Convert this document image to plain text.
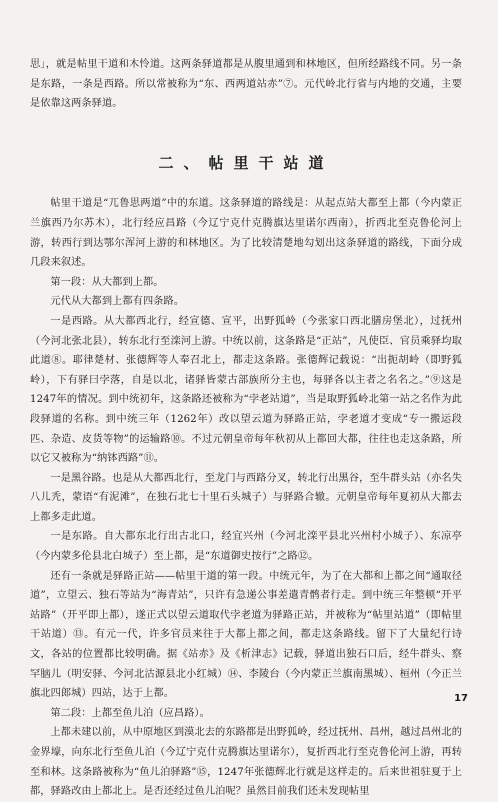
思」，就是帖里干道和木怜道。这两条驿道都是从腹里通到和林地区，但所经路线不同。另一条是东路，一条是西路。所以常被称为“东、西两道站赤”⑦。元代岭北行省与内地的交通，主要是依靠这两条驿道。

二、帖里干站道

帖里干道是“兀鲁思两道”中的东道。这条驿道的路线是：从起点站大都至上都（今内蒙正兰旗西乃尔苏木），北行经应昌路（今辽宁克什克腾旗达里诺尔西南），折西北至克鲁伦河上游，转西行到达鄂尔浑河上游的和林地区。为了比较清楚地勾划出这条驿道的路线，下面分成几段来叙述。

第一段：从大都到上都。

元代从大都到上都有四条路。

一是西路。从大都西北行，经宣德、宣平，出野狐岭（今张家口西北膳房堡北），过抚州（今河北张北县），转东北行至滦河上游。中统以前，这条路是“正站”，凡使臣、官员乘驿均取此道⑧。耶律楚材、张德辉等人奉召北上，都走这条路。张德辉记载说：“出扼胡岭（即野狐岭），下有驿曰孛落，自是以北，诸驿皆蒙古部族所分主也，每驿各以主者之名名之。”⑨这是1247年的情况。到中统初年，这条路还被称为“孛老站道”，当是取野狐岭北第一站之名作为此段驿道的名称。到中统三年（1262年）改以望云道为驿路正站，孛老道才变成“专一搬运段匹、杂造、皮货等物”的运输路⑩。不过元朝皇帝每年秋初从上都回大都，往往也走这条路，所以它又被称为“纳钵西路”⑪。

一是黑谷路。也是从大都西北行，至龙门与西路分叉，转北行出黑谷，至牛群头站（亦名失八儿秃，蒙语“有泥滩”，在独石北七十里石头城子）与驿路合辙。元朝皇帝每年夏初从大都去上都多走此道。

一是东路。自大都东北行出古北口，经宜兴州（今河北滦平县北兴州村小城子）、东凉亭（今内蒙多伦县北白城子）至上都，是“东道御史按行”之路⑫。

还有一条就是驿路正站——帖里干道的第一段。中统元年，为了在大都和上都之间“通取径道”，立望云、独石等站为“海青站”，只许有急递公事差遣青鹘者行走。到中统三年整顿“开平站路”（开平即上都），遂正式以望云道取代孛老道为驿路正站，并被称为“帖里站道”（即帖里干站道）⑬。有元一代，许多官员来往于大都上都之间，都走这条路线。留下了大量纪行诗文，各站的位置都比较明确。据《站赤》及《析津志》记载，驿道出独石口后，经牛群头、察罕脑儿（明安驿、今河北沽源县北小红城）⑭、李陵台（今内蒙正兰旗南黑城）、桓州（今正兰旗北四郎城）四站，达于上都。

第二段：上都至鱼儿泊（应昌路）。

上都未建以前，从中原地区到漠北去的东路都是出野狐岭，经过抚州、昌州，越过昌州北的金界壕，向东北行至鱼儿泊（今辽宁克什克腾旗达里诺尔），复折西北行至克鲁伦河上游，再转至和林。这条路被称为“鱼儿泊驿路”⑮，1247年张德辉北行就是这样走的。后来世祖驻夏于上都，驿路改由上都北上。是否还经过鱼儿泊呢？虽然目前我们还未发现帖里

17
